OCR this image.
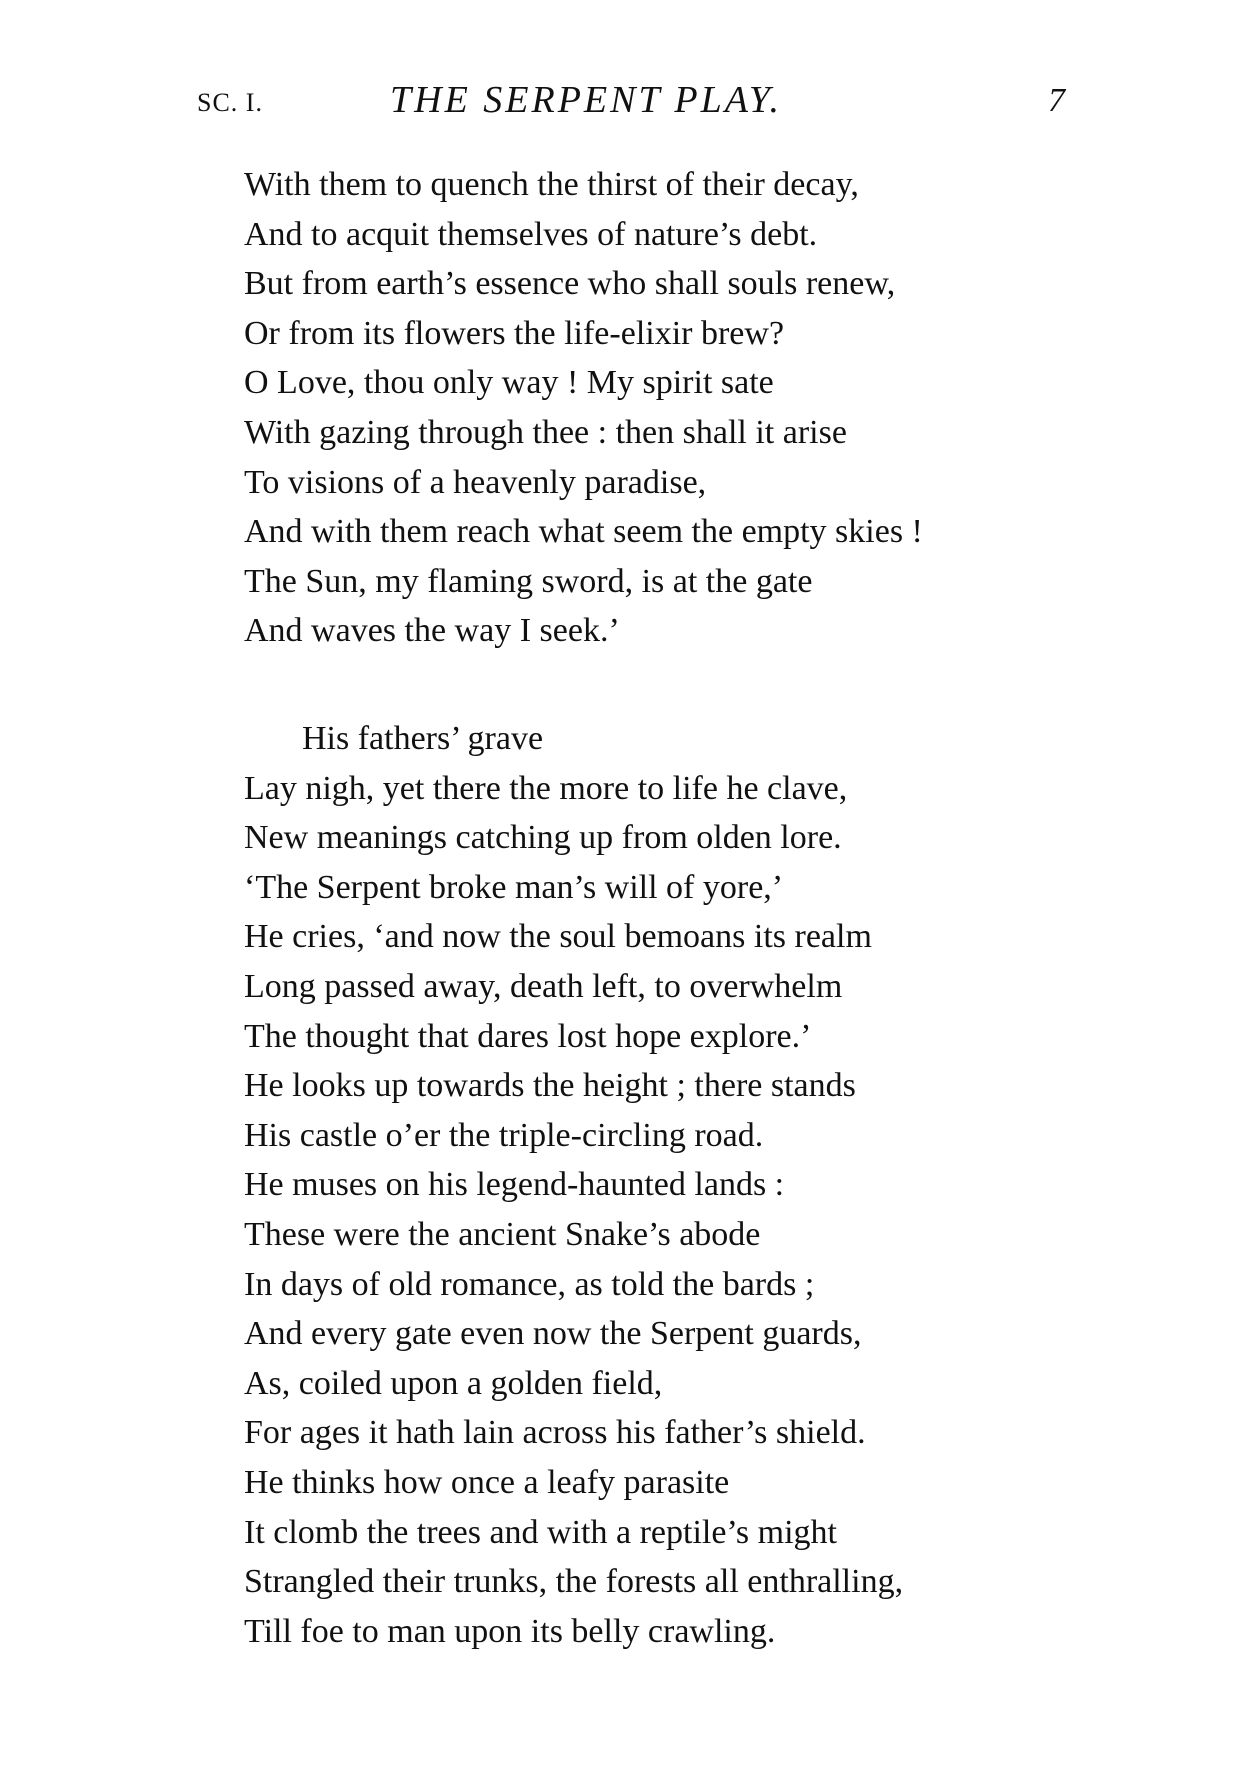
SC. I.	THE SERPENT PLAY.	7
With them to quench the thirst of their decay,
And to acquit themselves of nature’s debt.
But from earth’s essence who shall souls renew,
Or from its flowers the life-elixir brew?
O Love, thou only way ! My spirit sate
With gazing through thee : then shall it arise
To visions of a heavenly paradise,
And with them reach what seem the empty skies !
The Sun, my flaming sword, is at the gate
And waves the way I seek.’
His fathers’ grave
Lay nigh, yet there the more to life he clave,
New meanings catching up from olden lore.
‘The Serpent broke man’s will of yore,’
He cries, ‘and now the soul bemoans its realm
Long passed away, death left, to overwhelm
The thought that dares lost hope explore.’
He looks up towards the height ; there stands
His castle o’er the triple-circling road.
He muses on his legend-haunted lands :
These were the ancient Snake’s abode
In days of old romance, as told the bards ;
And every gate even now the Serpent guards,
As, coiled upon a golden field,
For ages it hath lain across his father’s shield.
He thinks how once a leafy parasite
It clomb the trees and with a reptile’s might
Strangled their trunks, the forests all enthralling,
Till foe to man upon its belly crawling.
